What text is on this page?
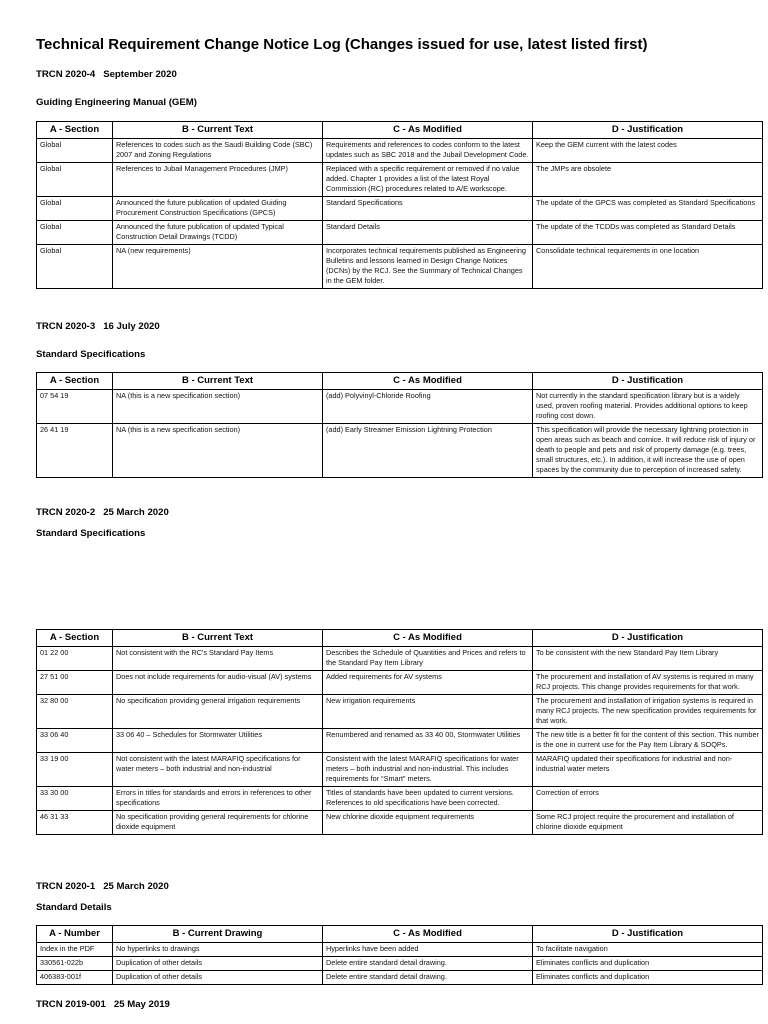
Technical Requirement Change Notice Log (Changes issued for use, latest listed first)
TRCN 2020-4 September 2020
Guiding Engineering Manual (GEM)
A - Section	B - Current Text	C - As Modified	D - Justification
Global	References to codes such as the Saudi Building Code (SBC) 2007 and Zoning Regulations	Requirements and references to codes conform to the latest updates such as SBC 2018 and the Jubail Development Code.	Keep the GEM current with the latest codes
Global	References to Jubail Management Procedures (JMP)	Replaced with a specific requirement or removed if no value added. Chapter 1 provides a list of the latest Royal Commission (RC) procedures related to A/E workscope.	The JMPs are obsolete
Global	Announced the future publication of updated Guiding Procurement Construction Specifications (GPCS)	Standard Specifications	The update of the GPCS was completed as Standard Specifications
Global	Announced the future publication of updated Typical Construction Detail Drawings (TCDD)	Standard Details	The update of the TCDDs was completed as Standard Details
Global	NA (new requirements)	Incorporates technical requirements published as Engineering Bulletins and lessons learned in Design Change Notices (DCNs) by the RCJ. See the Summary of Technical Changes in the GEM folder.	Consolidate technical requirements in one location
TRCN 2020-3 16 July 2020
Standard Specifications
A - Section	B - Current Text	C - As Modified	D - Justification
07 54 19	NA (this is a new specification section)	(add) Polyvinyl-Chloride Roofing	Not currently in the standard specification library but is a widely used, proven roofing material. Provides additional options to keep roofing cost down.
26 41 19	NA (this is a new specification section)	(add) Early Streamer Emission Lightning Protection	This specification will provide the necessary lightning protection in open areas such as beach and cornice. It will reduce risk of injury or death to people and pets and risk of property damage (e.g. trees, small structures, etc.). In addition, it will increase the use of open spaces by the community due to perception of increased safety.
TRCN 2020-2 25 March 2020
Standard Specifications
A - Section	B - Current Text	C - As Modified	D - Justification
01 22 00	Not consistent with the RC's Standard Pay Items	Describes the Schedule of Quantities and Prices and refers to the Standard Pay Item Library	To be consistent with the new Standard Pay Item Library
27 51 00	Does not include requirements for audio-visual (AV) systems	Added requirements for AV systems	The procurement and installation of AV systems is required in many RCJ projects. This change provides requirements for that work.
32 80 00	No specification providing general irrigation requirements	New irrigation requirements	The procurement and installation of irrigation systems is required in many RCJ projects. The new specification provides requirements for that work.
33 06 40	33 06 40 – Schedules for Stormwater Utilities	Renumbered and renamed as 33 40 00, Stormwater Utilities	The new title is a better fit for the content of this section. This number is the one in current use for the Pay Item Library & SOQPs.
33 19 00	Not consistent with the latest MARAFIQ specifications for water meters – both industrial and non-industrial	Consistent with the latest MARAFIQ specifications for water meters – both industrial and non-industrial. This includes requirements for “Smart” meters.	MARAFIQ updated their specifications for industrial and non-industrial water meters
33 30 00	Errors in titles for standards and errors in references to other specifications	Titles of standards have been updated to current versions. References to old specifications have been corrected.	Correction of errors
46 31 33	No specification providing general requirements for chlorine dioxide equipment	New chlorine dioxide equipment requirements	Some RCJ project require the procurement and installation of chlorine dioxide equipment
TRCN 2020-1 25 March 2020
Standard Details
A - Number	B - Current Drawing	C - As Modified	D - Justification
Index in the PDF	No hyperlinks to drawings	Hyperlinks have been added	To facilitate navigation
330561-022b	Duplication of other details	Delete entire standard detail drawing.	Eliminates conflicts and duplication
406383-001f	Duplication of other details	Delete entire standard detail drawing.	Eliminates conflicts and duplication
TRCN 2019-001 25 May 2019
